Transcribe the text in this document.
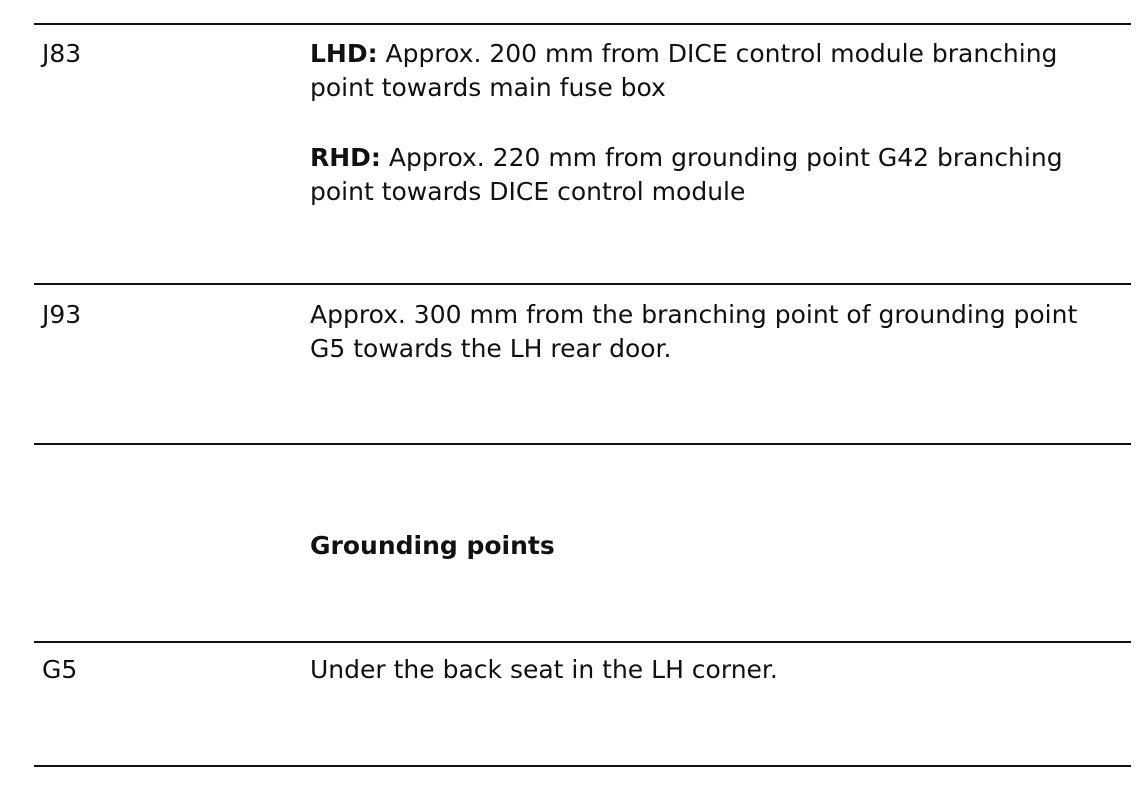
J83	LHD: Approx. 200 mm from DICE control module branching point towards main fuse box

RHD: Approx. 220 mm from grounding point G42 branching point towards DICE control module

J93	Approx. 300 mm from the branching point of grounding point G5 towards the LH rear door.
Grounding points
G5	Under the back seat in the LH corner.
